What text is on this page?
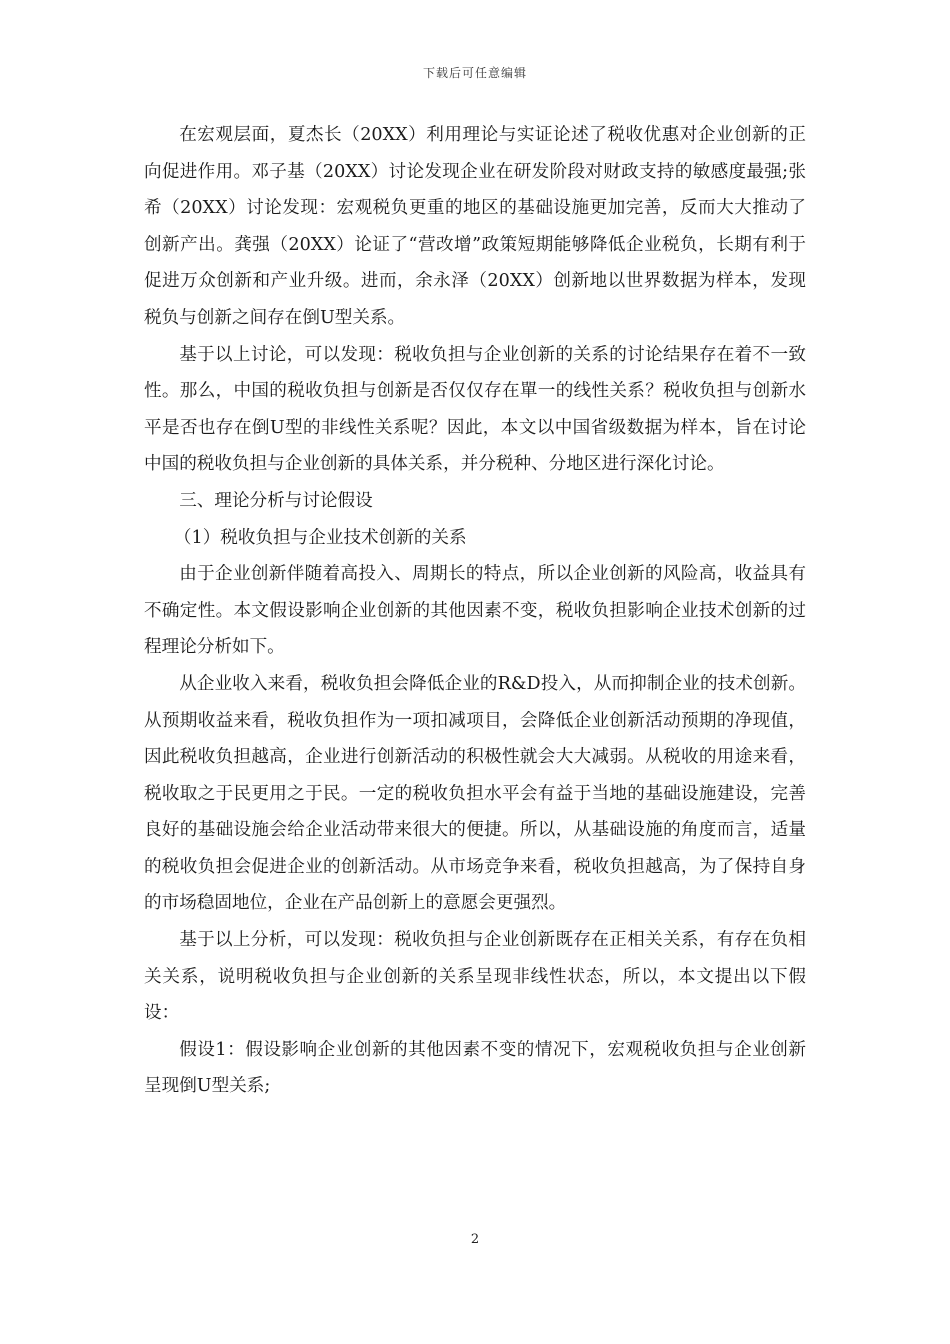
下载后可任意编辑

在宏观层面，夏杰长（20XX）利用理论与实证论述了税收优惠对企业创新的正向促进作用。邓子基（20XX）讨论发现企业在研发阶段对财政支持的敏感度最强;张希（20XX）讨论发现：宏观税负更重的地区的基础设施更加完善，反而大大推动了创新产出。龚强（20XX）论证了“营改增”政策短期能够降低企业税负，长期有利于促进万众创新和产业升级。进而，余永泽（20XX）创新地以世界数据为样本，发现税负与创新之间存在倒U型关系。

基于以上讨论，可以发现：税收负担与企业创新的关系的讨论结果存在着不一致性。那么，中国的税收负担与创新是否仅仅存在單一的线性关系？税收负担与创新水平是否也存在倒U型的非线性关系呢？因此，本文以中国省级数据为样本，旨在讨论中国的税收负担与企业创新的具体关系，并分税种、分地区进行深化讨论。

三、理论分析与讨论假设

（1）税收负担与企业技术创新的关系

由于企业创新伴随着高投入、周期长的特点，所以企业创新的风险高，收益具有不确定性。本文假设影响企业创新的其他因素不变，税收负担影响企业技术创新的过程理论分析如下。

从企业收入来看，税收负担会降低企业的R&D投入，从而抑制企业的技术创新。从预期收益来看，税收负担作为一项扣减项目，会降低企业创新活动预期的净现值，因此税收负担越高，企业进行创新活动的积极性就会大大减弱。从税收的用途来看，税收取之于民更用之于民。一定的税收负担水平会有益于当地的基础设施建设，完善良好的基础设施会给企业活动带来很大的便捷。所以，从基础设施的角度而言，适量的税收负担会促进企业的创新活动。从市场竞争来看，税收负担越高，为了保持自身的市场稳固地位，企业在产品创新上的意愿会更强烈。

基于以上分析，可以发现：税收负担与企业创新既存在正相关关系，有存在负相关关系，说明税收负担与企业创新的关系呈现非线性状态，所以，本文提出以下假设：

假设1：假设影响企业创新的其他因素不变的情况下，宏观税收负担与企业创新呈现倒U型关系;

2
